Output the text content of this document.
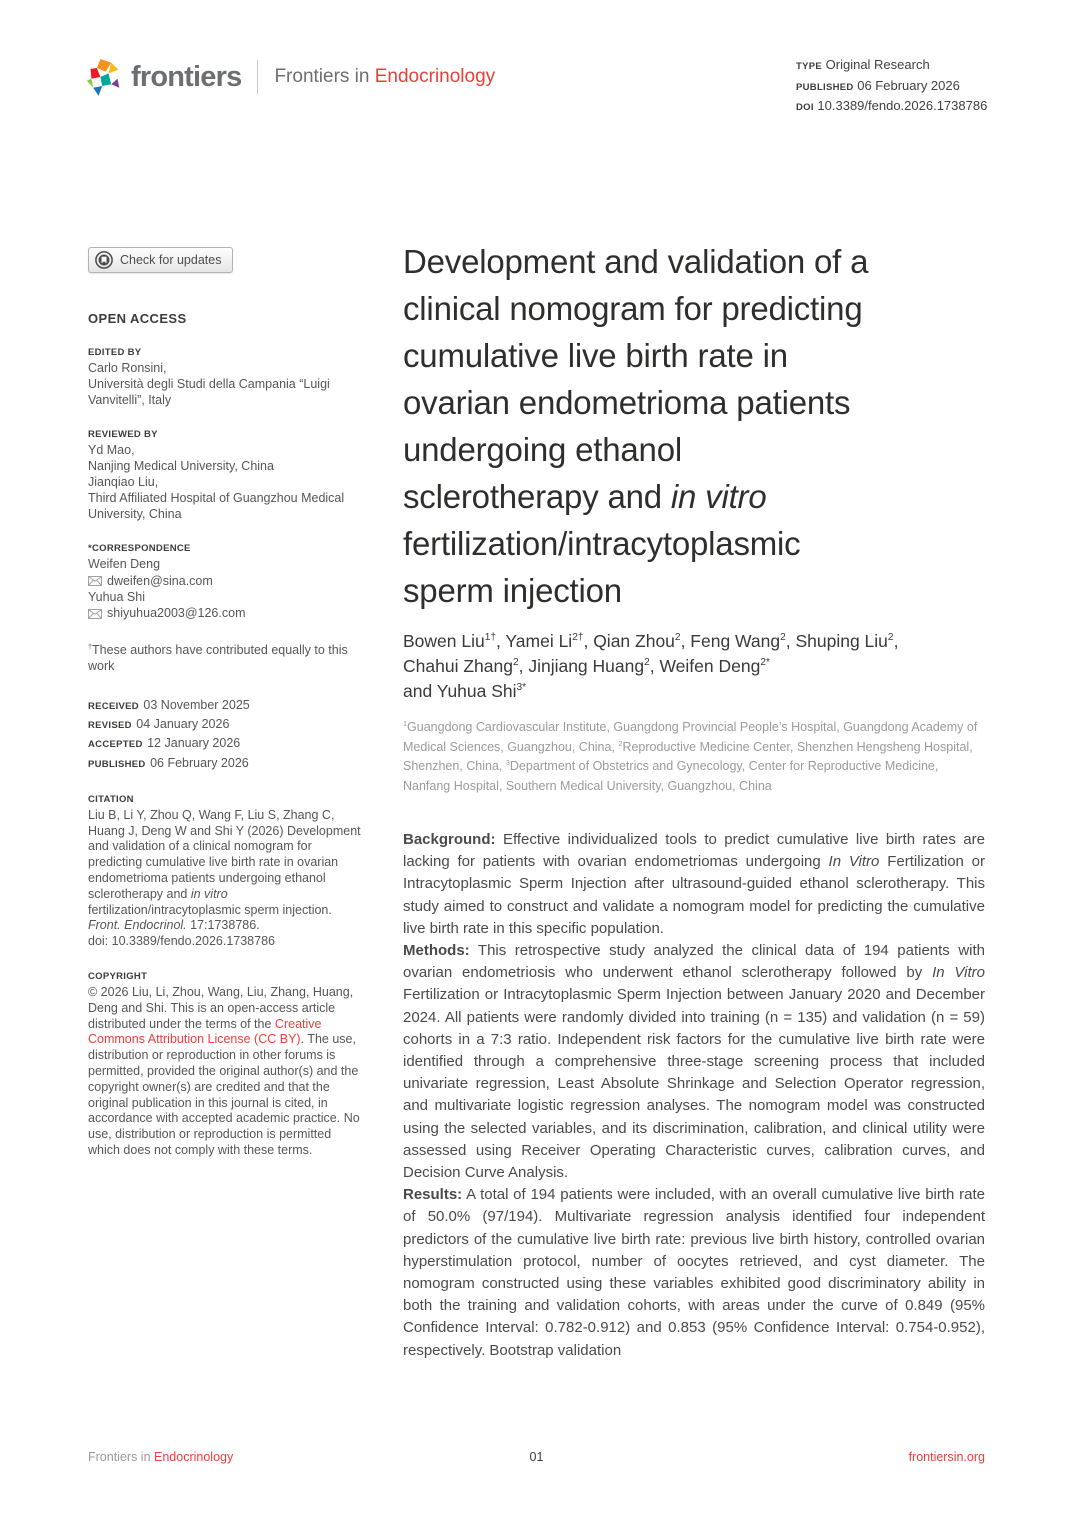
frontiers Frontiers in Endocrinology	TYPE Original Research
PUBLISHED 06 February 2026
DOI 10.3389/fendo.2026.1738786
Check for updates
OPEN ACCESS
EDITED BY
Carlo Ronsini,
Università degli Studi della Campania “Luigi Vanvitelli”, Italy
REVIEWED BY
Yd Mao,
Nanjing Medical University, China
Jianqiao Liu,
Third Affiliated Hospital of Guangzhou Medical University, China
*CORRESPONDENCE
Weifen Deng
dweifen@sina.com
Yuhua Shi
shiyuhua2003@126.com
†These authors have contributed equally to this work
RECEIVED 03 November 2025
REVISED 04 January 2026
ACCEPTED 12 January 2026
PUBLISHED 06 February 2026
CITATION
Liu B, Li Y, Zhou Q, Wang F, Liu S, Zhang C, Huang J, Deng W and Shi Y (2026) Development and validation of a clinical nomogram for predicting cumulative live birth rate in ovarian endometrioma patients undergoing ethanol sclerotherapy and in vitro fertilization/intracytoplasmic sperm injection. Front. Endocrinol. 17:1738786.
doi: 10.3389/fendo.2026.1738786
COPYRIGHT
© 2026 Liu, Li, Zhou, Wang, Liu, Zhang, Huang, Deng and Shi. This is an open-access article distributed under the terms of the Creative Commons Attribution License (CC BY). The use, distribution or reproduction in other forums is permitted, provided the original author(s) and the copyright owner(s) are credited and that the original publication in this journal is cited, in accordance with accepted academic practice. No use, distribution or reproduction is permitted which does not comply with these terms.
Development and validation of a
clinical nomogram for predicting
cumulative live birth rate in
ovarian endometrioma patients
undergoing ethanol
sclerotherapy and in vitro
fertilization/intracytoplasmic
sperm injection
Bowen Liu$^{1\dagger}$, Yamei $Li^{2\dagger}$, Qian Zhou$^2$, Feng Wang$^2$, Shuping Liu$^2$,
Chahui Zhang$^2$, Jinjiang Huang$^2$, Weifen Deng$^{2*}$
and Yuhua Shi$^{3*}$
$^1$Guangdong Cardiovascular Institute, Guangdong Provincial People’s Hospital, Guangdong Academy of Medical Sciences, Guangzhou, China, $^2$Reproductive Medicine Center, Shenzhen Hengsheng Hospital, Shenzhen, China, $^3$Department of Obstetrics and Gynecology, Center for Reproductive Medicine, Nanfang Hospital, Southern Medical University, Guangzhou, China

Background: Effective individualized tools to predict cumulative live birth rates are lacking for patients with ovarian endometriomas undergoing In Vitro Fertilization or Intracytoplasmic Sperm Injection after ultrasound-guided ethanol sclerotherapy. This study aimed to construct and validate a nomogram model for predicting the cumulative live birth rate in this specific population.

Methods: This retrospective study analyzed the clinical data of 194 patients with ovarian endometriosis who underwent ethanol sclerotherapy followed by In Vitro Fertilization or Intracytoplasmic Sperm Injection between January 2020 and December 2024. All patients were randomly divided into training (n = 135) and validation (n = 59) cohorts in a 7:3 ratio. Independent risk factors for the cumulative live birth rate were identified through a comprehensive three-stage screening process that included univariate regression, Least Absolute Shrinkage and Selection Operator regression, and multivariate logistic regression analyses. The nomogram model was constructed using the selected variables, and its discrimination, calibration, and clinical utility were assessed using Receiver Operating Characteristic curves, calibration curves, and Decision Curve Analysis.

Results: A total of 194 patients were included, with an overall cumulative live birth rate of 50.0% (97/194). Multivariate regression analysis identified four independent predictors of the cumulative live birth rate: previous live birth history, controlled ovarian hyperstimulation protocol, number of oocytes retrieved, and cyst diameter. The nomogram constructed using these variables exhibited good discriminatory ability in both the training and validation cohorts, with areas under the curve of 0.849 (95% Confidence Interval: 0.782-0.912) and 0.853 (95% Confidence Interval: 0.754-0.952), respectively. Bootstrap validation

Frontiers in Endocrinology	01	frontiersin.org
